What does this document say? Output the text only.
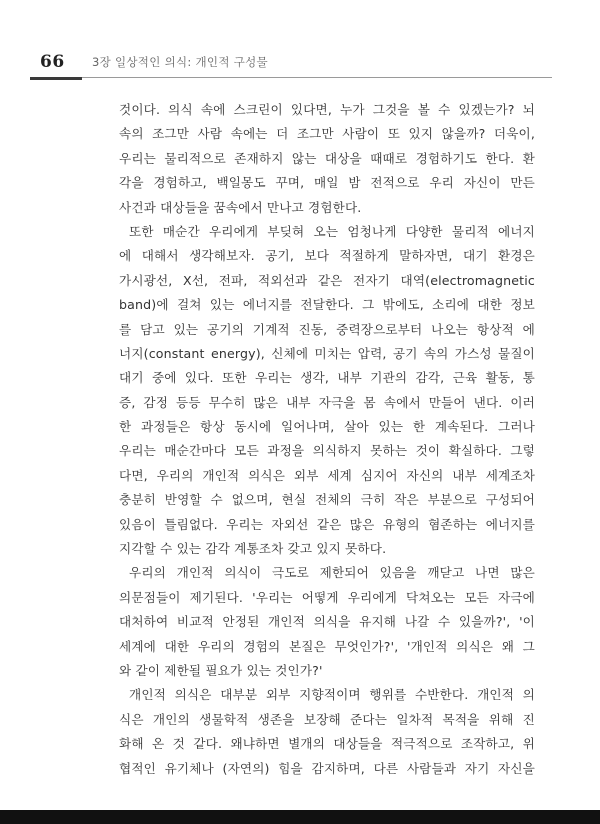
66 3장 일상적인 의식: 개인적 구성물
것이다. 의식 속에 스크린이 있다면, 누가 그것을 볼 수 있겠는가? 뇌
속의 조그만 사람 속에는 더 조그만 사람이 또 있지 않을까? 더욱이,
우리는 물리적으로 존재하지 않는 대상을 때때로 경험하기도 한다. 환
각을 경험하고, 백일몽도 꾸며, 매일 밤 전적으로 우리 자신이 만든
사건과 대상들을 꿈속에서 만나고 경험한다.
또한 매순간 우리에게 부딪혀 오는 엄청나게 다양한 물리적 에너지
에 대해서 생각해보자. 공기, 보다 적절하게 말하자면, 대기 환경은
가시광선, X선, 전파, 적외선과 같은 전자기 대역(electromagnetic
band)에 걸쳐 있는 에너지를 전달한다. 그 밖에도, 소리에 대한 정보
를 담고 있는 공기의 기계적 진동, 중력장으로부터 나오는 항상적 에
너지(constant energy), 신체에 미치는 압력, 공기 속의 가스성 물질이
대기 중에 있다. 또한 우리는 생각, 내부 기관의 감각, 근육 활동, 통
증, 감정 등등 무수히 많은 내부 자극을 몸 속에서 만들어 낸다. 이러
한 과정들은 항상 동시에 일어나며, 살아 있는 한 계속된다. 그러나
우리는 매순간마다 모든 과정을 의식하지 못하는 것이 확실하다. 그렇
다면, 우리의 개인적 의식은 외부 세계 심지어 자신의 내부 세계조차
충분히 반영할 수 없으며, 현실 전체의 극히 작은 부분으로 구성되어
있음이 틀림없다. 우리는 자외선 같은 많은 유형의 혐존하는 에너지를
지각할 수 있는 감각 계통조차 갖고 있지 못하다.
우리의 개인적 의식이 극도로 제한되어 있음을 깨닫고 나면 많은
의문점들이 제기된다. '우리는 어떻게 우리에게 닥쳐오는 모든 자극에
대처하여 비교적 안정된 개인적 의식을 유지해 나갈 수 있을까?', '이
세계에 대한 우리의 경험의 본질은 무엇인가?', '개인적 의식은 왜 그
와 같이 제한될 필요가 있는 것인가?'
개인적 의식은 대부분 외부 지향적이며 행위를 수반한다. 개인적 의
식은 개인의 생물학적 생존을 보장해 준다는 일차적 목적을 위해 진
화해 온 것 같다. 왜냐하면 별개의 대상들을 적극적으로 조작하고, 위
협적인 유기체나 (자연의) 힘을 감지하며, 다른 사람들과 자기 자신을
